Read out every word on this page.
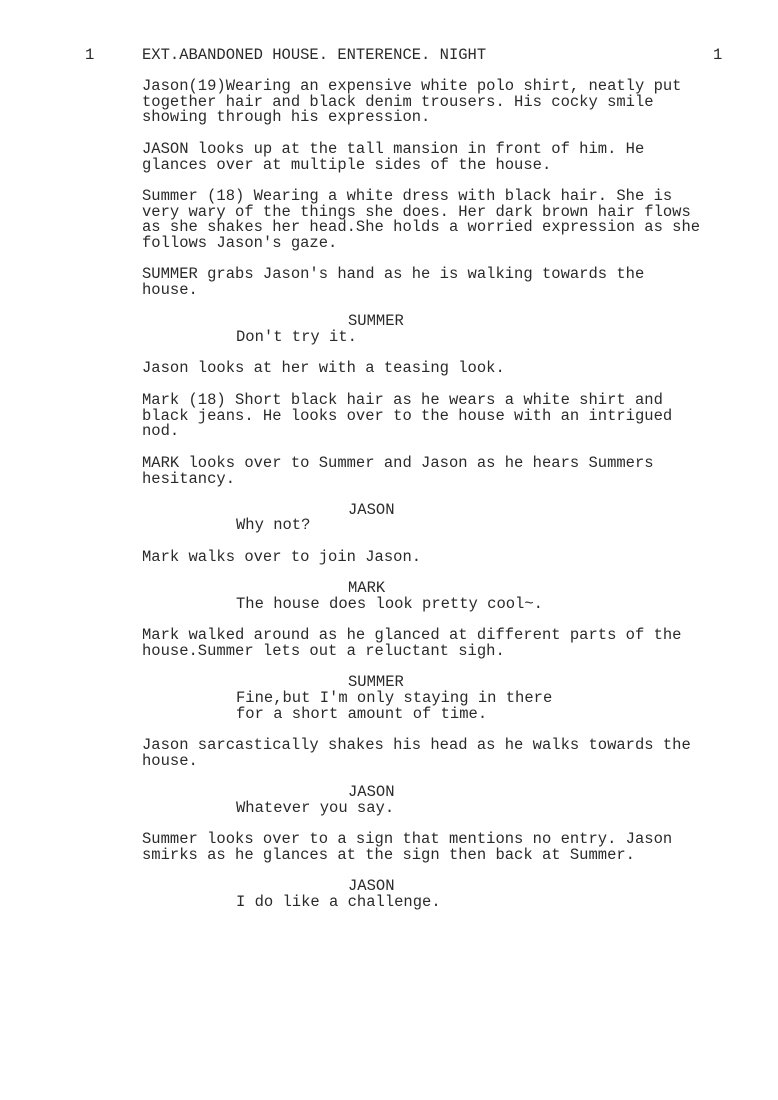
1	EXT.ABANDONED HOUSE. ENTERENCE. NIGHT	1
Jason(19)Wearing an expensive white polo shirt, neatly put
together hair and black denim trousers. His cocky smile
showing through his expression.
JASON looks up at the tall mansion in front of him. He
glances over at multiple sides of the house.
Summer (18) Wearing a white dress with black hair. She is
very wary of the things she does. Her dark brown hair flows
as she shakes her head.She holds a worried expression as she
follows Jason's gaze.
SUMMER grabs Jason's hand as he is walking towards the
house.
SUMMER
Don't try it.
Jason looks at her with a teasing look.
Mark (18) Short black hair as he wears a white shirt and
black jeans. He looks over to the house with an intrigued
nod.
MARK looks over to Summer and Jason as he hears Summers
hesitancy.
JASON
Why not?
Mark walks over to join Jason.
MARK
The house does look pretty cool~.
Mark walked around as he glanced at different parts of the
house.Summer lets out a reluctant sigh.
SUMMER
Fine,but I'm only staying in there
for a short amount of time.
Jason sarcastically shakes his head as he walks towards the
house.
JASON
Whatever you say.
Summer looks over to a sign that mentions no entry. Jason
smirks as he glances at the sign then back at Summer.
JASON
I do like a challenge.
